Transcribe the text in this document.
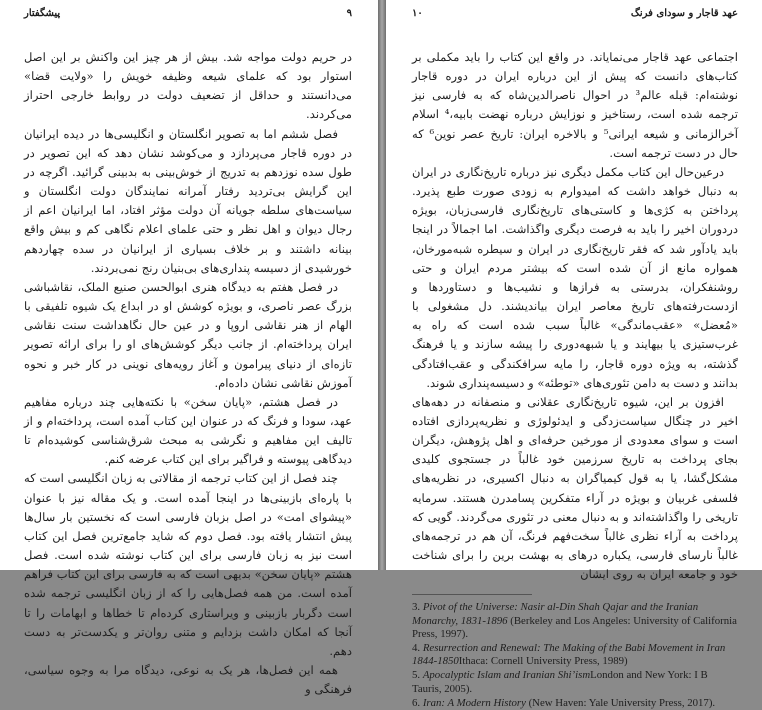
پیشگفتار	۹

در حریم دولت مواجه شد. بیش از هر چیز این واکنش بر این اصل استوار بود که علمای شیعه وظیفه خویش را «ولایت قضا» می‌دانستند و حداقل از تضعیف دولت در روابط خارجی احتراز می‌کردند.

فصل ششم اما به تصویر انگلستان و انگلیسی‌ها در دیده ایرانیان در دوره قاجار می‌پردازد و می‌کوشد نشان دهد که این تصویر در طول سده نوزدهم به تدریج از خوش‌بینی به بدبینی گرائید. اگرچه در این گرایش بی‌تردید رفتار آمرانه نمایندگان دولت انگلستان و سیاست‌های سلطه جویانه آن دولت مؤثر افتاد، اما ایرانیان اعم از رجال دیوان و اهل نظر و حتی علمای اعلام نگاهی کم و بیش واقع بینانه داشتند و بر خلاف بسیاری از ایرانیان در سده چهاردهم خورشیدی از دسیسه پنداری‌های بی‌بنیان رنج نمی‌بردند.

در فصل هفتم به دیدگاه هنری ابوالحسن صنیع الملک، نقاشباشی بزرگ عصر ناصری، و بویژه کوشش او در ابداع یک شیوه تلفیقی با الهام از هنر نقاشی اروپا و در عین حال نگاهداشت سنت نقاشی ایران پرداخته‌ام. از جانب دیگر کوشش‌های او را برای ارائه تصویر تازه‌ای از دنیای پیرامون و آغاز رویه‌های نوینی در کار خبر و نحوه آموزش نقاشی نشان داده‌ام.

در فصل هشتم، «پایان سخن» با نکته‌هایی چند درباره مفاهیم عهد، سودا و فرنگ که در عنوان این کتاب آمده است، پرداخته‌ام و از تالیف این مفاهیم و نگرشی به مبحث شرق‌شناسی کوشیده‌ام تا دیدگاهی پیوسته و فراگیر برای این کتاب عرضه کنم.

چند فصل از این کتاب ترجمه از مقالاتی به زبان انگلیسی است که با پاره‌ای بازبینی‌ها در اینجا آمده است. و یک مقاله نیز با عنوان «پیشوای امت» در اصل بزبان فارسی است که نخستین بار سال‌ها پیش انتشار یافته بود. فصل دوم که شاید جامع‌ترین فصل این کتاب است نیز به زبان فارسی برای این کتاب نوشته شده است. فصل هشتم «پایان سخن» بدیهی است که به فارسی برای این کتاب فراهم آمده است. من همه فصل‌هایی را که از زبان انگلیسی ترجمه شده است دگربار بازبینی و ویراستاری کرده‌ام تا خطاها و ابهامات را تا آنجا که امکان داشت بزدایم و متنی روان‌تر و یکدست‌تر به دست دهم.

همه این فصل‌ها، هر یک به نوعی، دیدگاه مرا به وجوه سیاسی، فرهنگی و

۱۰	عهد قاجار و سودای فرنگ

اجتماعی عهد قاجار می‌نمایاند. در واقع این کتاب را باید مکملی بر کتاب‌های دانست که پیش از این درباره ایران در دوره قاجار نوشته‌ام: قبله عالم³ در احوال ناصرالدین‌شاه که به فارسی نیز ترجمه شده است، رستاخیز و نوزایش درباره نهضت بابیه،⁴ اسلام آخرالزمانی و شیعه ایرانی⁵ و بالاخره ایران: تاریخ عصر نوین⁶ که حال در دست ترجمه است.

درعین‌حال این کتاب مکمل دیگری نیز درباره تاریخ‌نگاری در ایران به دنبال خواهد داشت که امیدوارم به زودی صورت طبع پذیرد. پرداختن به کژی‌ها و کاستی‌های تاریخ‌نگاری فارسی‌زبان، بویژه دردوران اخیر را باید به فرصت دیگری واگذاشت. اما اجمالاً در اینجا باید یادآور شد که فقر تاریخ‌نگاری در ایران و سیطره شبه‌مورخان، همواره مانع از آن شده است که بیشتر مردم ایران و حتی روشنفکران، بدرستی به فرازها و نشیب‌ها و دستاوردها و ازدست‌رفته‌های تاریخ معاصر ایران بیاندیشند. دل مشغولی با «مُعضل» «عقب‌ماندگی» غالباً سبب شده است که راه به غرب‌ستیزی یا بیهایند و یا شبهه‌دوری را پیشه سازند و یا فرهنگ گذشته، به ویژه دوره قاجار، را مایه سرافکندگی و عقب‌افتادگی بدانند و دست به دامن تئوری‌های «توطئه» و دسیسه‌پنداری شوند.

افزون بر این، شیوه تاریخ‌نگاری عقلانی و منصفانه در دهه‌های اخیر در چنگال سیاست‌زدگی و ایدئولوژی و نظریه‌پردازی افتاده است و سوای معدودی از مورخین حرفه‌ای و اهل پژوهش، دیگران بجای پرداخت به تاریخ سرزمین خود غالباً در جستجوی کلیدی مشکل‌گشا، یا به قول کیمیاگران به دنبال اکسیری، در نظریه‌های فلسفی غربیان و بویژه در آراء متفکرین پسامدرن هستند. سرمایه تاریخی را واگذاشته‌اند و به دنبال معنی در تئوری می‌گردند. گویی که پرداخت به آراء نظری غالباً سخت‌فهم فرنگ، آن هم در ترجمه‌های غالباً نارسای فارسی، یکباره درهای به بهشت برین را برای شناخت خود و جامعه ایران به روی ایشان

3. Pivot of the Universe: Nasir al-Din Shah Qajar and the Iranian Monarchy, 1831-1896 (Berkeley and Los Angeles: University of California Press, 1997).

4. Resurrection and Renewal: The Making of the Babi Movement in Iran 1844-1850Ithaca: Cornell University Press, 1989)

5. Apocalyptic Islam and Iranian Shi’ismLondon and New York: I B Tauris, 2005).

6. Iran: A Modern History (New Haven: Yale University Press, 2017).
